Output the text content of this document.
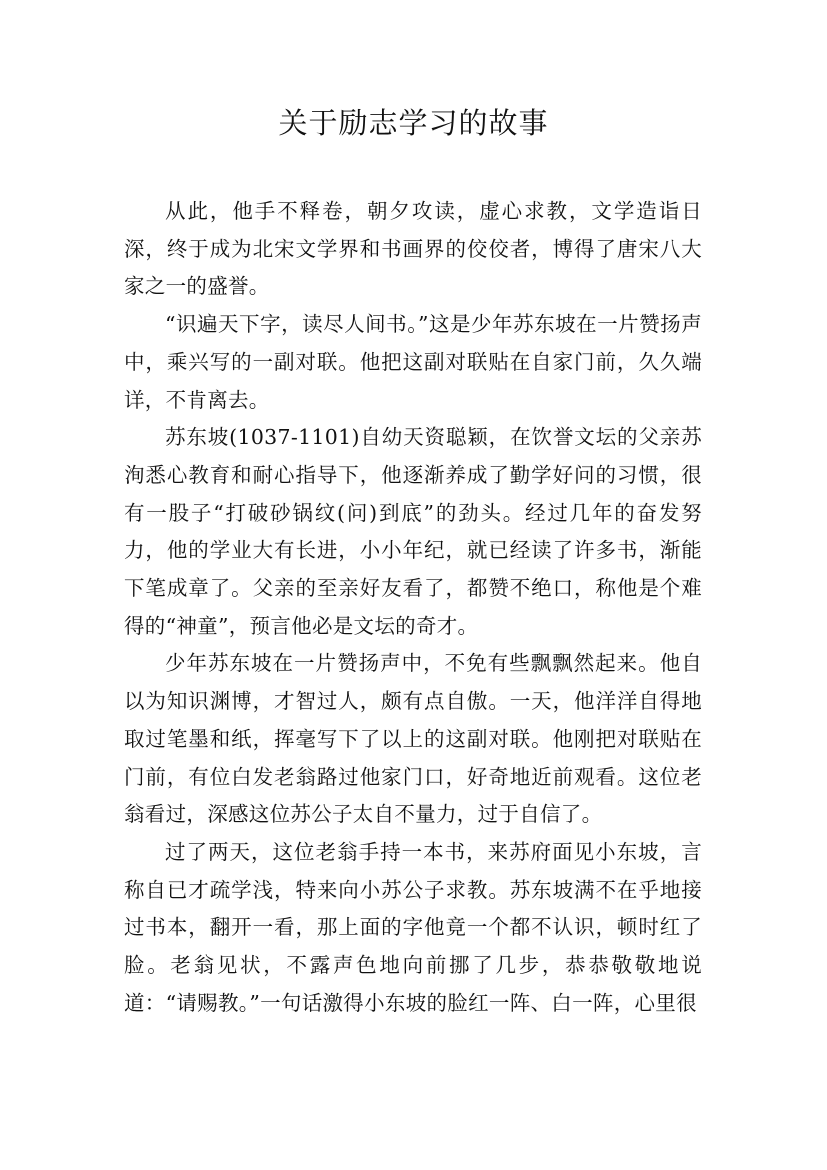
关于励志学习的故事

从此，他手不释卷，朝夕攻读，虚心求教，文学造诣日深，终于成为北宋文学界和书画界的佼佼者，博得了唐宋八大家之一的盛誉。

“识遍天下字，读尽人间书。”这是少年苏东坡在一片赞扬声中，乘兴写的一副对联。他把这副对联贴在自家门前，久久端详，不肯离去。

苏东坡(1037-1101)自幼天资聪颖，在饮誉文坛的父亲苏洵悉心教育和耐心指导下，他逐渐养成了勤学好问的习惯，很有一股子“打破砂锅纹(问)到底”的劲头。经过几年的奋发努力，他的学业大有长进，小小年纪，就已经读了许多书，渐能下笔成章了。父亲的至亲好友看了，都赞不绝口，称他是个难得的“神童”，预言他必是文坛的奇才。

少年苏东坡在一片赞扬声中，不免有些飘飘然起来。他自以为知识渊博，才智过人，颇有点自傲。一天，他洋洋自得地取过笔墨和纸，挥毫写下了以上的这副对联。他刚把对联贴在门前，有位白发老翁路过他家门口，好奇地近前观看。这位老翁看过，深感这位苏公子太自不量力，过于自信了。

过了两天，这位老翁手持一本书，来苏府面见小东坡，言称自已才疏学浅，特来向小苏公子求教。苏东坡满不在乎地接过书本，翻开一看，那上面的字他竟一个都不认识，顿时红了脸。老翁见状，不露声色地向前挪了几步，恭恭敬敬地说道：“请赐教。”一句话激得小东坡的脸红一阵、白一阵，心里很
